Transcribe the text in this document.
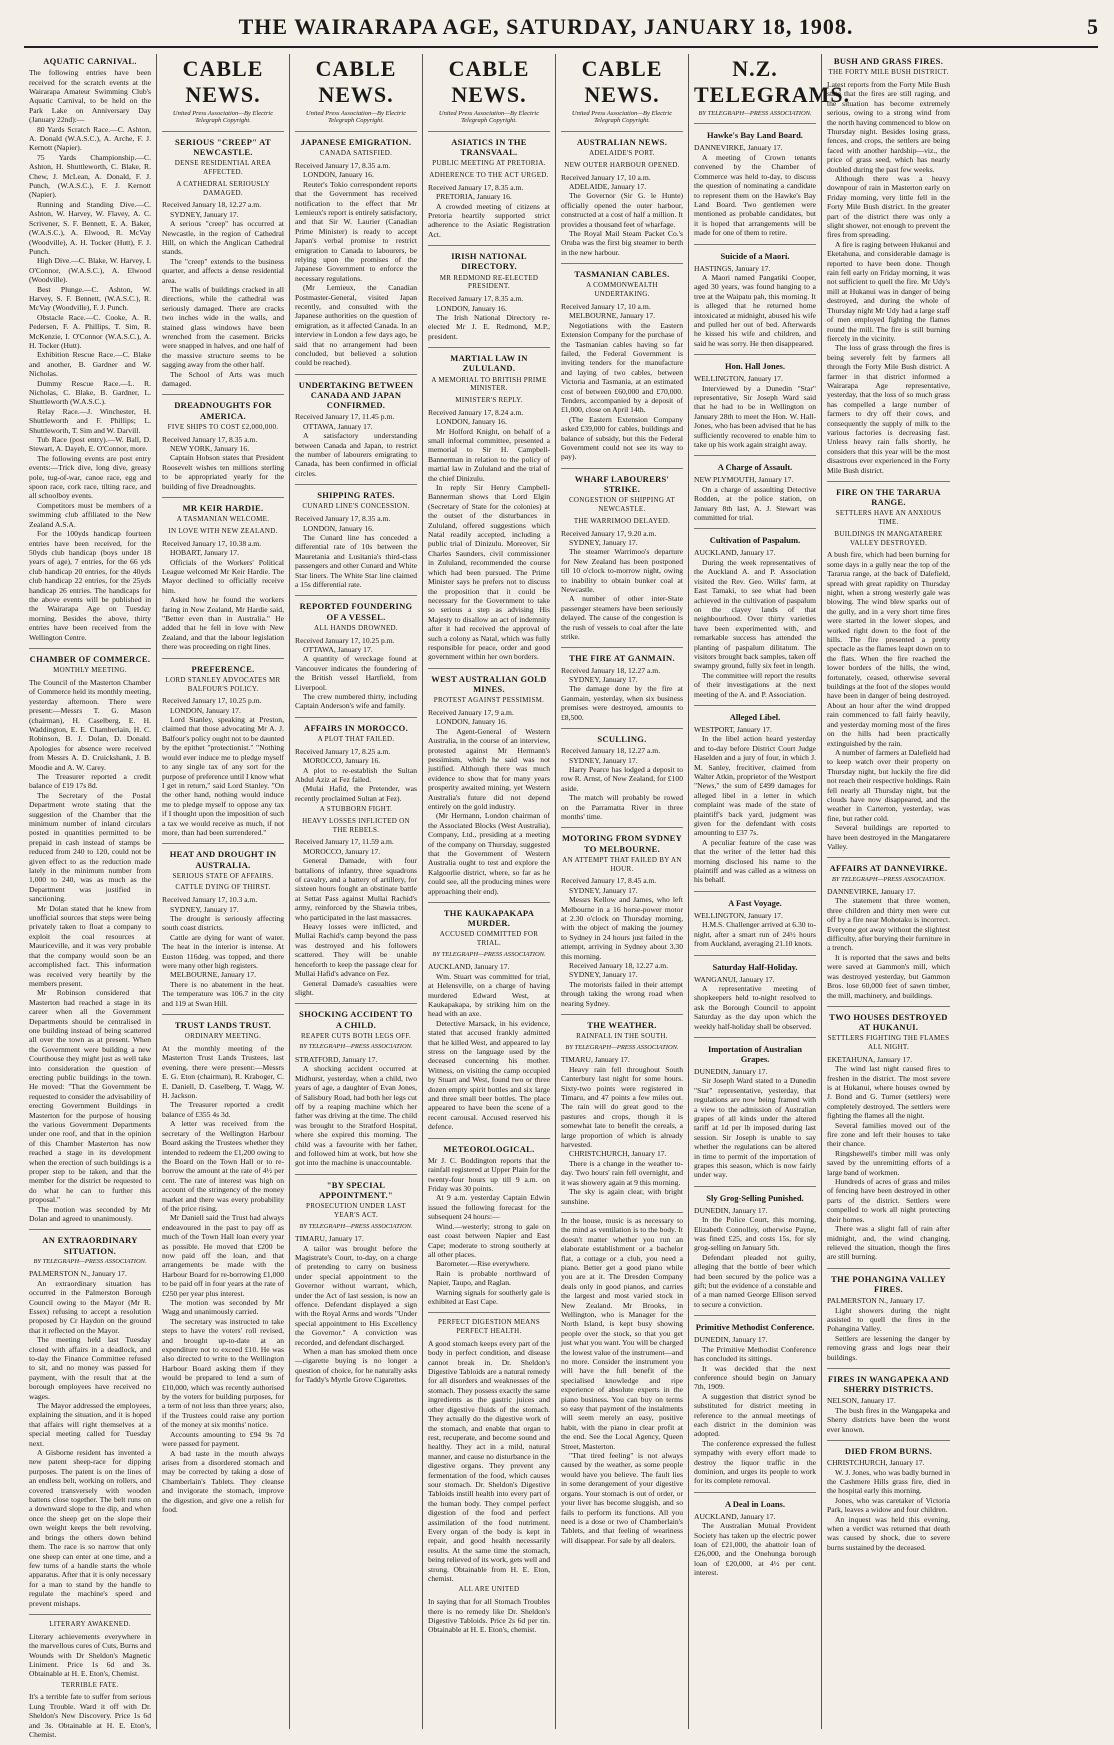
THE WAIRARAPA AGE, SATURDAY, JANUARY 18, 1908.	5
AQUATIC CARNIVAL.

The following entries have been received for the scratch events at the Wairarapa Amateur Swimming Club's Aquatic Carnival, to be held on the Park Lake on Anniversary Day (January 22nd):—

80 Yards Scratch Race.—C. Ashton, A. Donald (W.A.S.C.), A. Arche, F. J. Kernott (Napier).

75 Yards Championship.—C. Ashton, H. Shuttleworth, C. Blake, R. Chew, J. McLean, A. Donald, F. J. Punch, (W.A.S.C.), F. J. Kernott (Napier).

Running and Standing Dive.—C. Ashton, W. Harvey, W. Flavey, A. C. Scrivener, S. F. Bennett, E. A. Baker, (W.A.S.C.), A. Elwood, R. McVay (Woodville), A. H. Tocker (Hutt), F. J. Punch.

High Dive.—C. Blake, W. Harvey, I. O'Connor, (W.A.S.C.), A. Elwood (Woodville).

Best Plunge.—C. Ashton, W. Harvey, S. F. Bennett, (W.A.S.C.), R. McVay (Woodville), F. J. Punch.

Obstacle Race.—C. Cooke, A. R. Pedersen, F. A. Phillips, T. Sim, R. McKenzie, I. O'Connor (W.A.S.C.), A. H. Tocker (Hutt).

Exhibition Rescue Race.—C. Blake and another, B. Gardner and W. Nicholas.

Dummy Rescue Race.—L. R. Nicholas, C. Blake, B. Gardner, L. Shuttleworth (W.A.S.C.).

Relay Race.—J. Winchester, H. Shuttleworth and F. Phillips; L. Shuttleworth, T. Sim and W. Darvill.

Tub Race (post entry).—W. Ball, D. Stewart, A. Dayeh, E. O'Connor, more.

The following events are post entry events:—Trick dive, long dive, greasy pole, tug-of-war, canoe race, egg and spoon race, cork race, tilting race, and all schoolboy events.

Competitors must be members of a swimming club affiliated to the New Zealand A.S.A.

For the 100yds handicap fourteen entries have been received, for the 50yds club handicap (boys under 18 years of age), 7 entries, for the 66 yds club handicap 20 entries, for the 40yds club handicap 22 entries, for the 25yds handicap 26 entries. The handicaps for the above events will be published in the Wairarapa Age on Tuesday morning. Besides the above, thirty entries have been received from the Wellington Centre.

CHAMBER OF COMMERCE.
MONTHLY MEETING.

The Council of the Masterton Chamber of Commerce held its monthly meeting, yesterday afternoon. There were present:—Messrs T. G. Mason (chairman), H. Caselberg, E. H. Waddington, E. E. Chamberlain, H. C. Robinson, B. J. Dolan, D. Donald. Apologies for absence were received from Messrs A. D. Cruickshank, J. B. Moodie and A. W. Carey.

The Treasurer reported a credit balance of £19 17s 8d.

The Secretary of the Postal Department wrote stating that the suggestion of the Chamber that the minimum number of inland circulars posted in quantities permitted to be prepaid in cash instead of stamps be reduced from 240 to 120, could not be given effect to as the reduction made lately in the minimum number from 1,000 to 240, was as much as the Department was justified in sanctioning.

Mr Dolan stated that he knew from unofficial sources that steps were being privately taken to float a company to exploit the coal resources at Mauriceville, and it was very probable that the company would soon be an accomplished fact. This information was received very heartily by the members present.

Mr Robinson considered that Masterton had reached a stage in its career when all the Government Departments should be centralised in one building instead of being scattered all over the town as at present. When the Government were building a new Courthouse they might just as well take into consideration the question of erecting public buildings in the town. He moved: "That the Government be requested to consider the advisability of erecting Government Buildings in Masterton for the purpose of housing the various Government Departments under one roof, and that in the opinion of this Chamber Masterton has now reached a stage in its development when the erection of such buildings is a proper step to be taken, and that the member for the district be requested to do what he can to further this proposal."

The motion was seconded by Mr Dolan and agreed to unanimously.

AN EXTRAORDINARY SITUATION.
BY TELEGRAPH—PRESS ASSOCIATION.

PALMERSTON N., January 17.

An extraordinary situation has occurred in the Palmerston Borough Council owing to the Mayor (Mr R. Essex) refusing to accept a resolution proposed by Cr Haydon on the ground that it reflected on the Mayor.

The meeting held last Tuesday closed with affairs in a deadlock, and to-day the Finance Committee refused to sit, and no money was passed for payment, with the result that at the borough employees have received no wages.

The Mayor addressed the employees, explaining the situation, and it is hoped that affairs will right themselves at a special meeting called for Tuesday next.

A Gisborne resident has invented a new patent sheep-race for dipping purposes. The patent is on the lines of an endless belt, working on rollers, and covered transversely with wooden battens close together. The belt runs on a downward slope to the dip, and when once the sheep get on the slope their own weight keeps the belt revolving, and brings the others down behind them. The race is so narrow that only one sheep can enter at one time, and a few turns of a handle starts the whole apparatus. After that it is only necessary for a man to stand by the handle to regulate the machine's speed and prevent mishaps.

LITERARY AWAKENED.

Literary achievements everywhere in the marvellous cures of Cuts, Burns and Wounds with Dr Sheldon's Magnetic Liniment. Price 1s 6d and 3s. Obtainable at H. E. Eton's, Chemist.

TERRIBLE FATE.

It's a terrible fate to suffer from serious Lung Trouble. Ward it off with Dr. Sheldon's New Discovery. Price 1s 6d and 3s. Obtainable at H. E. Eton's, Chemist.

CABLE NEWS.
United Press Association—By Electric Telegraph Copyright.
SERIOUS "CREEP" AT NEWCASTLE.
DENSE RESIDENTIAL AREA AFFECTED.
A CATHEDRAL SERIOUSLY DAMAGED.

Received January 18, 12.27 a.m.

SYDNEY, January 17.

A serious "creep" has occurred at Newcastle, in the region of Cathedral Hill, on which the Anglican Cathedral stands.

The "creep" extends to the business quarter, and affects a dense residential area.

The walls of buildings cracked in all directions, while the cathedral was seriously damaged. There are cracks two inches wide in the walls, and stained glass windows have been wrenched from the casement. Bricks were snapped in halves, and one half of the massive structure seems to be sagging away from the other half.

The School of Arts was much damaged.

DREADNOUGHTS FOR AMERICA.
FIVE SHIPS TO COST £2,000,000.

Received January 17, 8.35 a.m.

NEW YORK, January 16.

Captain Hobson states that President Roosevelt wishes ten millions sterling to be appropriated yearly for the building of five Dreadnoughts.

MR KEIR HARDIE.
A TASMANIAN WELCOME.
IN LOVE WITH NEW ZEALAND.

Received January 17, 10.38 a.m.

HOBART, January 17.

Officials of the Workers' Political League welcomed Mr Keir Hardie. The Mayor declined to officially receive him.

Asked how he found the workers faring in New Zealand, Mr Hardie said, "Better even than in Australia." He added that he fell in love with New Zealand, and that the labour legislation there was proceeding on right lines.

PREFERENCE.
LORD STANLEY ADVOCATES MR BALFOUR'S POLICY.

Received January 17, 10.25 p.m.

LONDON, January 17.

Lord Stanley, speaking at Preston, claimed that those advocating Mr A. J. Balfour's policy ought not to be daunted by the epithet "protectionist." "Nothing would ever induce me to pledge myself to any single tax of any sort for the purpose of preference until I know what I get in return," said Lord Stanley. "On the other hand, nothing would induce me to pledge myself to oppose any tax if I thought upon the imposition of such a tax we would receive as much, if not more, than had been surrendered."

HEAT AND DROUGHT IN AUSTRALIA.
SERIOUS STATE OF AFFAIRS.
CATTLE DYING OF THIRST.

Received January 17, 10.3 a.m.

SYDNEY, January 17.

The drought is seriously affecting south coast districts.

Cattle are dying for want of water. The heat in the interior is intense. At Euston 116deg. was topped, and there were many other high registers.

MELBOURNE, January 17.

There is no abatement in the heat. The temperature was 106.7 in the city and 119 at Swan Hill.

TRUST LANDS TRUST.
ORDINARY MEETING.

At the monthly meeting of the Masterton Trust Lands Trustees, last evening, there were present:—Messrs E. G. Eton (chairman), R. Kraboger, C. E. Daniell, D. Caselberg, T. Wagg, W. H. Jackson.

The Treasurer reported a credit balance of £355 4s 3d.

A letter was received from the secretary of the Wellington Harbour Board asking the Trustees whether they intended to redeem the £1,200 owing to the Board on the Town Hall or to re-borrow the amount at the rate of 4½ per cent. The rate of interest was high on account of the stringency of the money market and there was every probability of the price rising.

Mr Daniell said the Trust had always endeavoured in the past to pay off as much of the Town Hall loan every year as possible. He moved that £200 be now paid off the loan, and that arrangements be made with the Harbour Board for re-borrowing £1,000 to be paid off in four years at the rate of £250 per year plus interest.

The motion was seconded by Mr Wagg and unanimously carried.

The secretary was instructed to take steps to have the voters' roll revised, and brought up-to-date at an expenditure not to exceed £10. He was also directed to write to the Wellington Harbour Board asking them if they would be prepared to lend a sum of £10,000, which was recently authorised by the voters for building purposes, for a term of not less than three years; also, if the Trustees could raise any portion of the money at six months' notice.

Accounts amounting to £94 9s 7d were passed for payment.

A bad taste in the mouth always arises from a disordered stomach and may be corrected by taking a dose of Chamberlain's Tablets. They cleanse and invigorate the stomach, improve the digestion, and give one a relish for food.

CABLE NEWS.
United Press Association—By Electric Telegraph Copyright.
JAPANESE EMIGRATION.
CANADA SATISFIED.

Received January 17, 8.35 a.m.

LONDON, January 16.

Reuter's Tokio correspondent reports that the Government has received notification to the effect that Mr Lemieux's report is entirely satisfactory, and that Sir W. Laurier (Canadian Prime Minister) is ready to accept Japan's verbal promise to restrict emigration to Canada to labourers, be relying upon the promises of the Japanese Government to enforce the necessary regulations.

(Mr Lemieux, the Canadian Postmaster-General, visited Japan recently, and consulted with the Japanese authorities on the question of emigration, as it affected Canada. In an interview in London a few days ago, he said that no arrangement had been concluded, but believed a solution could be reached).

UNDERTAKING BETWEEN CANADA AND JAPAN CONFIRMED.

Received January 17, 11.45 p.m.

OTTAWA, January 17.

A satisfactory understanding between Canada and Japan, to restrict the number of labourers emigrating to Canada, has been confirmed in official circles.

SHIPPING RATES.
CUNARD LINE'S CONCESSION.

Received January 17, 8.35 a.m.

LONDON, January 16.

The Cunard line has conceded a differential rate of 10s between the Mauretania and Lusitania's third-class passengers and other Cunard and White Star liners. The White Star line claimed a 15s differential rate.

REPORTED FOUNDERING OF A VESSEL.
ALL HANDS DROWNED.

Received January 17, 10.25 p.m.

OTTAWA, January 17.

A quantity of wreckage found at Vancouver indicates the foundering of the British vessel Hartfield, from Liverpool.

The crew numbered thirty, including Captain Anderson's wife and family.

AFFAIRS IN MOROCCO.
A PLOT THAT FAILED.

Received January 17, 8.25 a.m.

MOROCCO, January 16.

A plot to re-establish the Sultan Abdul Aziz at Fez failed.

(Mulai Hafid, the Pretender, was recently proclaimed Sultan at Fez).

A STUBBORN FIGHT.
HEAVY LOSSES INFLICTED ON THE REBELS.

Received January 17, 11.59 a.m.

MOROCCO, January 17.

General Damade, with four battalions of infantry, three squadrons of cavalry, and a battery of artillery, for sixteen hours fought an obstinate battle at Settat Pass against Mullai Rachid's army, reinforced by the Shawia tribes, who participated in the last massacres.

Heavy losses were inflicted, and Mullai Rachid's camp beyond the pass was destroyed and his followers scattered. They will be unable henceforth to keep the passage clear for Mullai Hafid's advance on Fez.

General Damade's casualties were slight.

SHOCKING ACCIDENT TO A CHILD.
REAPER CUTS BOTH LEGS OFF.
BY TELEGRAPH—PRESS ASSOCIATION.

STRATFORD, January 17.

A shocking accident occurred at Midhurst, yesterday, when a child, two years of age, a daughter of Evan Jones, of Salisbury Road, had both her legs cut off by a reaping machine which her father was driving at the time. The child was brought to the Stratford Hospital, where she expired this morning. The child was a favourite with her father, and followed him at work, but how she got into the machine is unaccountable.

"BY SPECIAL APPOINTMENT."
PROSECUTION UNDER LAST YEAR'S ACT.
BY TELEGRAPH—PRESS ASSOCIATION.

TIMARU, January 17.

A tailor was brought before the Magistrate's Court, to-day, on a charge of pretending to carry on business under special appointment to the Governor without warrant, which, under the Act of last session, is now an offence. Defendant displayed a sign with the Royal Arms and words "Under special appointment to His Excellency the Governor." A conviction was recorded, and defendant discharged.

When a man has smoked them once—cigarette buying is no longer a question of choice, for he naturally asks for Taddy's Myrtle Grove Cigarettes.

CABLE NEWS.
United Press Association—By Electric Telegraph Copyright.
ASIATICS IN THE TRANSVAAL.
PUBLIC MEETING AT PRETORIA.
ADHERENCE TO THE ACT URGED.

Received January 17, 8.35 a.m.

PRETORIA, January 16.

A crowded meeting of citizens at Pretoria heartily supported strict adherence to the Asiatic Registration Act.

IRISH NATIONAL DIRECTORY.
MR REDMOND RE-ELECTED PRESIDENT.

Received January 17, 8.35 a.m.

LONDON, January 16.

The Irish National Directory re-elected Mr J. E. Redmond, M.P., president.

MARTIAL LAW IN ZULULAND.
A MEMORIAL TO BRITISH PRIME MINISTER.
MINISTER'S REPLY.

Received January 17, 8.24 a.m.

LONDON, January 16.

Mr Holford Knight, on behalf of a small informal committee, presented a memorial to Sir H. Campbell-Bannerman in relation to the policy of martial law in Zululand and the trial of the chief Dinizulu.

In reply Sir Henry Campbell-Bannerman shows that Lord Elgin (Secretary of State for the colonies) at the outset of the disturbances in Zululand, offered suggestions which Natal readily accepted, including a public trial of Dinizulu. Moreover, Sir Charles Saunders, civil commissioner in Zululand, recommended the course which had been pursued. The Prime Minister says he prefers not to discuss the proposition that it could be necessary for the Government to take so serious a step as advising His Majesty to disallow an act of indemnity after it had received the approval of such a colony as Natal, which was fully responsible for peace, order and good government within her own borders.

WEST AUSTRALIAN GOLD MINES.
PROTEST AGAINST PESSIMISM.

Received January 17, 9 a.m.

LONDON, January 16.

The Agent-General of Western Australia, in the course of an interview, protested against Mr Hermann's pessimism, which he said was not justified. Although there was much evidence to show that for many years prosperity awaited mining, yet Western Australia's future did not depend entirely on the gold industry.

(Mr Hermann, London chairman of the Associated Blocks (West Australia), Company, Ltd., presiding at a meeting of the company on Thursday, suggested that the Government of Western Australia ought to test and explore the Kalgoorlie district, where, so far as he could see, all the producing mines were approaching their end).

THE KAUKAPAKAPA MURDER.
ACCUSED COMMITTED FOR TRIAL.
BY TELEGRAPH—PRESS ASSOCIATION.

AUCKLAND, January 17.

Wm. Stuart was committed for trial, at Helensville, on a charge of having murdered Edward West, at Kaukapakapa, by striking him on the head with an axe.

Detective Marsack, in his evidence, stated that accused frankly admitted that he killed West, and appeared to lay stress on the language used by the deceased concerning his mother. Witness, on visiting the camp occupied by Stuart and West, found two or three dozen empty spirit bottles and six large and three small beer bottles. The place appeared to have been the scene of a recent carousal. Accused reserved his defence.

METEOROLOGICAL.

Mr J. C. Boddington reports that the rainfall registered at Upper Plain for the twenty-four hours up till 9 a.m. on Friday was 30 points.

At 9 a.m. yesterday Captain Edwin issued the following forecast for the subsequent 24 hours:—

Wind.—westerly; strong to gale on east coast between Napier and East Cape; moderate to strong southerly at all other places.

Barometer.—Rise everywhere.

Rain is probable northward of Napier, Taupo, and Raglan.

Warning signals for southerly gale is exhibited at East Cape.

PERFECT DIGESTION MEANS PERFECT HEALTH.

A good stomach keeps every part of the body in perfect condition, and disease cannot break in. Dr. Sheldon's Digestive Tabloids are a natural remedy for all disorders and weaknesses of the stomach. They possess exactly the same ingredients as the gastric juices and other digestive fluids of the stomach. They actually do the digestive work of the stomach, and enable that organ to rest, recuperate, and become sound and healthy. They act in a mild, natural manner, and cause no disturbance in the digestive organs. They prevent any fermentation of the food, which causes sour stomach. Dr. Sheldon's Digestive Tabloids instill health into every part of the human body. They compel perfect digestion of the food and perfect assimilation of the food nutriment. Every organ of the body is kept in repair, and good health necessarily results. At the same time the stomach, being relieved of its work, gets well and strong. Obtainable from H. E. Eton, chemist.

ALL ARE UNITED

In saying that for all Stomach Troubles there is no remedy like Dr. Sheldon's Digestive Tabloids. Price 2s 6d per tin. Obtainable at H. E. Eton's, chemist.

CABLE NEWS.
United Press Association—By Electric Telegraph Copyright.
AUSTRALIAN NEWS.
ADELAIDE'S PORT.
NEW OUTER HARBOUR OPENED.

Received January 17, 10 a.m.

ADELAIDE, January 17.

The Governor (Sir G. le Hunte) officially opened the outer harbour, constructed at a cost of half a million. It provides a thousand feet of wharfage.

The Royal Mail Steam Packet Co.'s Oruba was the first big steamer to berth in the new harbour.

TASMANIAN CABLES.
A COMMONWEALTH UNDERTAKING.

Received January 17, 10 a.m.

MELBOURNE, January 17.

Negotiations with the Eastern Extension Company for the purchase of the Tasmanian cables having so far failed, the Federal Government is inviting tenders for the manufacture and laying of two cables, between Victoria and Tasmania, at an estimated cost of between £60,000 and £70,000. Tenders, accompanied by a deposit of £1,000, close on April 14th.

(The Eastern Extension Company asked £39,000 for cables, buildings and balance of subsidy, but this the Federal Government could not see its way to pay).

WHARF LABOURERS' STRIKE.
CONGESTION OF SHIPPING AT NEWCASTLE.
THE WARRIMOO DELAYED.

Received January 17, 9.20 a.m.

SYDNEY, January 17.

The steamer Warrimoo's departure for New Zealand has been postponed till 10 o'clock to-morrow night, owing to inability to obtain bunker coal at Newcastle.

A number of other inter-State passenger steamers have been seriously delayed. The cause of the congestion is the rush of vessels to coal after the late strike.

THE FIRE AT GANMAIN.

Received January 18, 12.27 a.m.

SYDNEY, January 17.

The damage done by the fire at Ganmain, yesterday, when six business premises were destroyed, amounts to £8,500.

SCULLING.

Received January 18, 12.27 a.m.

SYDNEY, January 17.

Harry Pearce has lodged a deposit to row R. Arnst, of New Zealand, for £100 aside.

The match will probably be rowed on the Parramatta River in three months' time.

MOTORING FROM SYDNEY TO MELBOURNE.
AN ATTEMPT THAT FAILED BY AN HOUR.

Received January 17, 8.45 a.m.

SYDNEY, January 17.

Messrs Kellow and James, who left Melbourne in a 16 horse-power motor at 2.30 o'clock on Thursday morning, with the object of making the journey to Sydney in 24 hours just failed in the attempt, arriving in Sydney about 3.30 this morning.

Received January 18, 12.27 a.m.

SYDNEY, January 17.

The motorists failed in their attempt through taking the wrong road when nearing Sydney.

THE WEATHER.
RAINFALL IN THE SOUTH.
BY TELEGRAPH—PRESS ASSOCIATION.

TIMARU, January 17.

Heavy rain fell throughout South Canterbury last night for some hours. Sixty-two points were registered in Timaru, and 47 points a few miles out. The rain will do great good to the pastures and crops, though it is somewhat late to benefit the cereals, a large proportion of which is already harvested.

CHRISTCHURCH, January 17.

There is a change in the weather to-day. Two hours' rain fell overnight, and it was showery again at 9 this morning.

The sky is again clear, with bright sunshine.

In the house, music is as necessary to the mind as ventilation is to the body. It doesn't matter whether you run an elaborate establishment or a bachelor flat, a cottage or a club, you need a piano. Better get a good piano while you are at it. The Dresden Company deals only in good pianos, and carries the largest and most varied stock in New Zealand. Mr Brooks, in Wellington, who is Manager for the North Island, is kept busy showing people over the stock, so that you get just what you want. You will be charged the lowest value of the instrument—and no more. Consider the instrument you will have the full benefit of the specialised knowledge and ripe experience of absolute experts in the piano business. You can buy on terms so easy that payment of the instalments will seem merely an easy, positive habit, with the piano in clear profit at the end. See the Local Agency, Queen Street, Masterton.

"That tired feeling" is not always caused by the weather, as some people would have you believe. The fault lies in some derangement of your digestive organs. Your stomach is out of order, or your liver has become sluggish, and so fails to perform its functions. All you need is a dose or two of Chamberlain's Tablets, and that feeling of weariness will disappear. For sale by all dealers.

N.Z. TELEGRAMS.
BY TELEGRAPH—PRESS ASSOCIATION.
Hawke's Bay Land Board.

DANNEVIRKE, January 17.

A meeting of Crown tenants convened by the Chamber of Commerce was held to-day, to discuss the question of nominating a candidate to represent them on the Hawke's Bay Land Board. Two gentlemen were mentioned as probable candidates, but it is hoped that arrangements will be made for one of them to retire.

Suicide of a Maori.

HASTINGS, January 17.

A Maori named Pangatiki Cooper, aged 30 years, was found hanging to a tree at the Waipatu pah, this morning. It is alleged that he returned home intoxicated at midnight, abused his wife and pulled her out of bed. Afterwards he kissed his wife and children, and said he was sorry. He then disappeared.

Hon. Hall Jones.

WELLINGTON, January 17.

Interviewed by a Dunedin "Star" representative, Sir Joseph Ward said that he had to be in Wellington on January 28th to meet the Hon. W. Hall-Jones, who has been advised that he has sufficiently recovered to enable him to take up his work again straight away.

A Charge of Assault.

NEW PLYMOUTH, January 17.

On a charge of assaulting Detective Rodden, at the police station, on January 8th last, A. J. Stewart was committed for trial.

Cultivation of Paspalum.

AUCKLAND, January 17.

During the week representatives of the Auckland A. and P. Association visited the Rev. Geo. Wilks' farm, at East Tamaki, to see what had been achieved in the cultivation of paspalum on the clayey lands of that neighbourhood. Over thirty varieties have been experimented with, and remarkable success has attended the planting of paspalum dilitatum. The visitors brought back samples, taken off swampy ground, fully six feet in length.

The committee will report the results of their investigations at the next meeting of the A. and P. Association.

Alleged Libel.

WESTPORT, January 17.

In the libel action heard yesterday and to-day before District Court Judge Haselden and a jury of four, in which J. M. Sanley, frecitiver, claimed from Walter Atkin, proprietor of the Westport "News," the sum of £499 damages for alleged libel in a letter in which complaint was made of the state of plaintiff's back yard, judgment was given for the defendant with costs amounting to £37 7s.

A peculiar feature of the case was that the writer of the letter had this morning disclosed his name to the plaintiff and was called as a witness on his behalf.

A Fast Voyage.

WELLINGTON, January 17.

H.M.S. Challenger arrived at 6.30 to-night, after a smart run of 24½ hours from Auckland, averaging 21.10 knots.

Saturday Half-Holiday.

WANGANUI, January 17.

A representative meeting of shopkeepers held to-night resolved to ask the Borough Council to appoint Saturday as the day upon which the weekly half-holiday shall be observed.

Importation of Australian Grapes.

DUNEDIN, January 17.

Sir Joseph Ward stated to a Dunedin "Star" representative, yesterday, that regulations are now being framed with a view to the admission of Australian grapes of all kinds under the altered tariff at 1d per lb imposed during last session. Sir Joseph is unable to say whether the regulations can be altered in time to permit of the importation of grapes this season, which is now fairly under way.

Sly Grog-Selling Punished.

DUNEDIN, January 17.

In the Police Court, this morning, Elizabeth Connolley, otherwise Payne, was fined £25, and costs 15s, for sly grog-selling on January 5th.

Defendant pleaded not guilty, alleging that the bottle of beer which had been secured by the police was a gift; but the evidence of a constable and of a man named George Ellison served to secure a conviction.

Primitive Methodist Conference.

DUNEDIN, January 17.

The Primitive Methodist Conference has concluded its sittings.

It was decided that the next conference should begin on January 7th, 1909.

A suggestion that district synod be substituted for district meeting in reference to the annual meetings of each district in the dominion was adopted.

The conference expressed the fullest sympathy with every effort made to destroy the liquor traffic in the dominion, and urges its people to work for its complete removal.

A Deal in Loans.

AUCKLAND, January 17.

The Australian Mutual Provident Society has taken up the electric power loan of £21,000, the abattoir loan of £26,000, and the Onehunga borough loan of £20,000, at 4½ per cent. interest.

BUSH AND GRASS FIRES.
THE FORTY MILE BUSH DISTRICT.

Latest reports from the Forty Mile Bush state that the fires are still raging, and the situation has become extremely serious, owing to a strong wind from the north having commenced to blow on Thursday night. Besides losing grass, fences, and crops, the settlers are being faced with another hardship—viz., the price of grass seed, which has nearly doubled during the past few weeks.

Although there was a heavy downpour of rain in Masterton early on Friday morning, very little fell in the Forty Mile Bush district. In the greater part of the district there was only a slight shower, not enough to prevent the fires from spreading.

A fire is raging between Hukanui and Eketahuna, and considerable damage is reported to have been done. Though rain fell early on Friday morning, it was not sufficient to quell the fire. Mr Udy's mill at Hukanui was in danger of being destroyed, and during the whole of Thursday night Mr Udy had a large staff of men employed fighting the flames round the mill. The fire is still burning fiercely in the vicinity.

The loss of grass through the fires is being severely felt by farmers all through the Forty Mile Bush district. A farmer in that district informed a Wairarapa Age representative, yesterday, that the loss of so much grass has compelled a large number of farmers to dry off their cows, and consequently the supply of milk to the various factories is decreasing fast. Unless heavy rain falls shortly, he considers that this year will be the most disastrous ever experienced in the Forty Mile Bush district.

FIRE ON THE TARARUA RANGE.
SETTLERS HAVE AN ANXIOUS TIME.
BUILDINGS IN MANGATARERE VALLEY DESTROYED.

A bush fire, which had been burning for some days in a gully near the top of the Tararua range, at the back of Dalefield, spread with great rapidity on Thursday night, when a strong westerly gale was blowing. The wind blew sparks out of the gully, and in a very short time fires were started in the lower slopes, and worked right down to the foot of the hills. The fire presented a pretty spectacle as the flames leapt down on to the flats. When the fire reached the lower borders of the hills, the wind, fortunately, ceased, otherwise several buildings at the foot of the slopes would have been in danger of being destroyed. About an hour after the wind dropped rain commenced to fall fairly heavily, and yesterday morning most of the fires on the hills had been practically extinguished by the rain.

A number of farmers at Dalefield had to keep watch over their property on Thursday night, but luckily the fire did not reach their respective holdings. Rain fell nearly all Thursday night, but the clouds have now disappeared, and the weather in Carterton, yesterday, was fine, but rather cold.

Several buildings are reported to have been destroyed in the Mangatarere Valley.

AFFAIRS AT DANNEVIRKE.
BY TELEGRAPH—PRESS ASSOCIATION.

DANNEVIRKE, January 17.

The statement that three women, three children and thirty men were cut off by a fire near Mohotaku is incorrect. Everyone got away without the slightest difficulty, after burying their furniture in a trench.

It is reported that the saws and belts were saved at Gammon's mill, which was destroyed yesterday, but Gammon Bros. lose 60,000 feet of sawn timber, the mill, machinery, and buildings.

TWO HOUSES DESTROYED AT HUKANUI.
SETTLERS FIGHTING THE FLAMES ALL NIGHT.

EKETAHUNA, January 17.

The wind last night caused fires to freshen in the district. The most severe is at Hukanui, where houses owned by J. Bond and G. Turner (settlers) were completely destroyed. The settlers were fighting the flames all the night.

Several families moved out of the fire zone and left their houses to take their chance.

Ringshewell's timber mill was only saved by the unremitting efforts of a large band of workmen.

Hundreds of acres of grass and miles of fencing have been destroyed in other parts of the district. Settlers were compelled to work all night protecting their homes.

There was a slight fall of rain after midnight, and, the wind changing, relieved the situation, though the fires are still burning.

THE POHANGINA VALLEY FIRES.

PALMERSTON N., January 17.

Light showers during the night assisted to quell the fires in the Pohangina Valley.

Settlers are lessening the danger by removing grass and logs near their buildings.

FIRES IN WANGAPEKA AND SHERRY DISTRICTS.

NELSON, January 17.

The bush fires in the Wangapeka and Sherry districts have been the worst ever known.

DIED FROM BURNS.

CHRISTCHURCH, January 17.

W. J. Jones, who was badly burned in the Cashmere Hills grass fire, died in the hospital early this morning.

Jones, who was caretaker of Victoria Park, leaves a widow and four children.

An inquest was held this evening, when a verdict was returned that death was caused by shock, due to severe burns sustained by the deceased.
